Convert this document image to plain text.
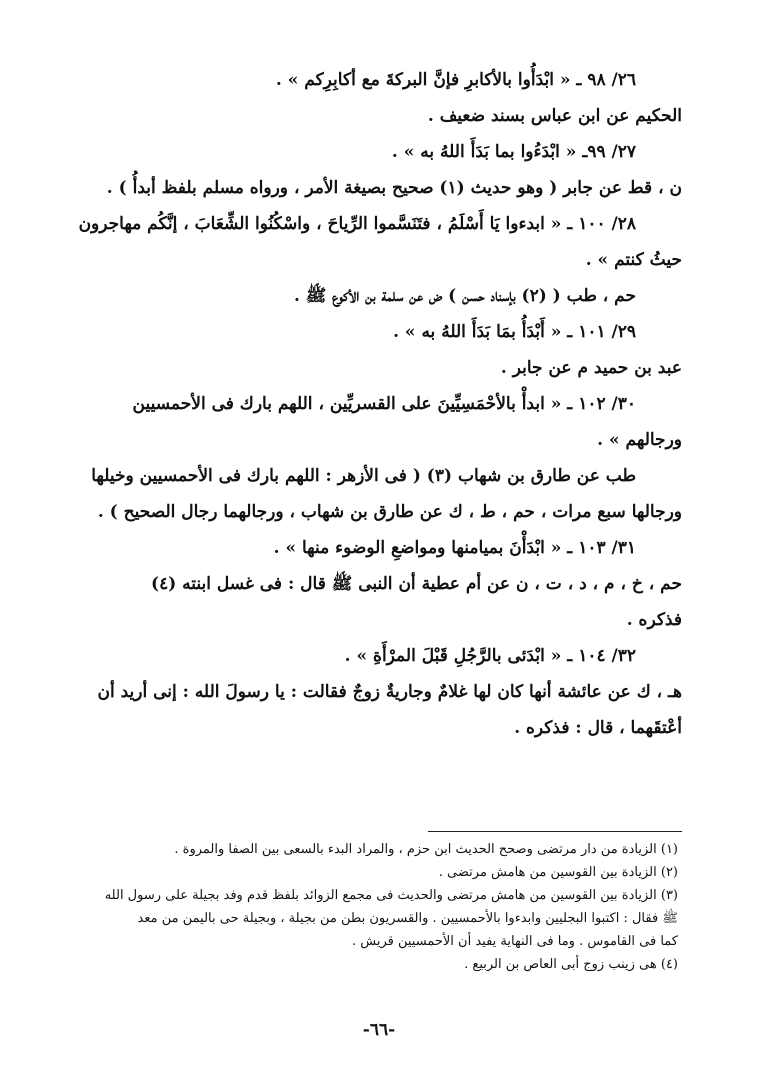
٢٦/ ٩٨ ـ « ابْدَأُوا بالأكابرِ فإنَّ البركةَ مع أكابِرِكم » .
الحكيم عن ابن عباس بسند ضعيف .
٢٧/ ٩٩ـ « ابْدَءُوا بما بَدَأَ اللهُ به » .
ن ، قط عن جابر ( وهو حديث (١) صحيح بصيغة الأمر ، ورواه مسلم بلفظ أبدأُ ) .
٢٨/ ١٠٠ ـ « ابدءوا يَا أَسْلَمُ ، فتَنَسَّموا الرِّياحَ ، واسْكُنُوا الشِّعَابَ ، إنَّكُم مهاجرون
حيثُ كنتم » .
حم ، طب ( (٢) بإسناد حسن ) ض عن سلمة بن الأكوع ﷺ .
٢٩/ ١٠١ ـ « أَبْدَأُ بمَا بَدَأَ اللهُ به » .
عبد بن حميد م عن جابر .
٣٠/ ١٠٢ ـ « ابدأْ بالأحْمَسِيِّينَ على القسريِّين ، اللهم بارك فى الأحمسيين
ورجالهم » .
طب عن طارق بن شهاب (٣) ( فى الأزهر : اللهم بارك فى الأحمسيين وخيلها
ورجالها سبع مرات ، حم ، ط ، ك عن طارق بن شهاب ، ورجالهما رجال الصحيح ) .
٣١/ ١٠٣ ـ « ابْدَأْنَ بميامنها ومواضعِ الوضوء منها » .
حم ، خ ، م ، د ، ت ، ن عن أم عطية أن النبى ﷺ قال : فى غسل ابنته (٤)
فذكره .
٣٢/ ١٠٤ ـ « ابْدَئى بالرَّجُلِ قَبْلَ المرْأَةِ » .
هـ ، ك عن عائشة أنها كان لها غلامٌ وجاريةٌ زوجٌ فقالت : يا رسولَ الله : إنى أريد أن
أعْتقَهما ، قال : فذكره .
(١) الزيادة من دار مرتضى وصحح الحديث ابن حزم ، والمراد البدء بالسعى بين الصفا والمروة .
(٢) الزيادة بين القوسين من هامش مرتضى .
(٣) الزيادة بين القوسين من هامش مرتضى والحديث فى مجمع الزوائد بلفظ قدم وفد بجيلة على رسول الله
ﷺ فقال : اكتبوا البجليين وابدءوا بالأحمسيين . والقسريون بطن من بجيلة ، وبجيلة حى باليمن من معد
كما فى القاموس . وما فى النهاية يفيد أن الأحمسيين قريش .
(٤) هى زينب زوج أبى العاص بن الربيع .
-٦٦-
